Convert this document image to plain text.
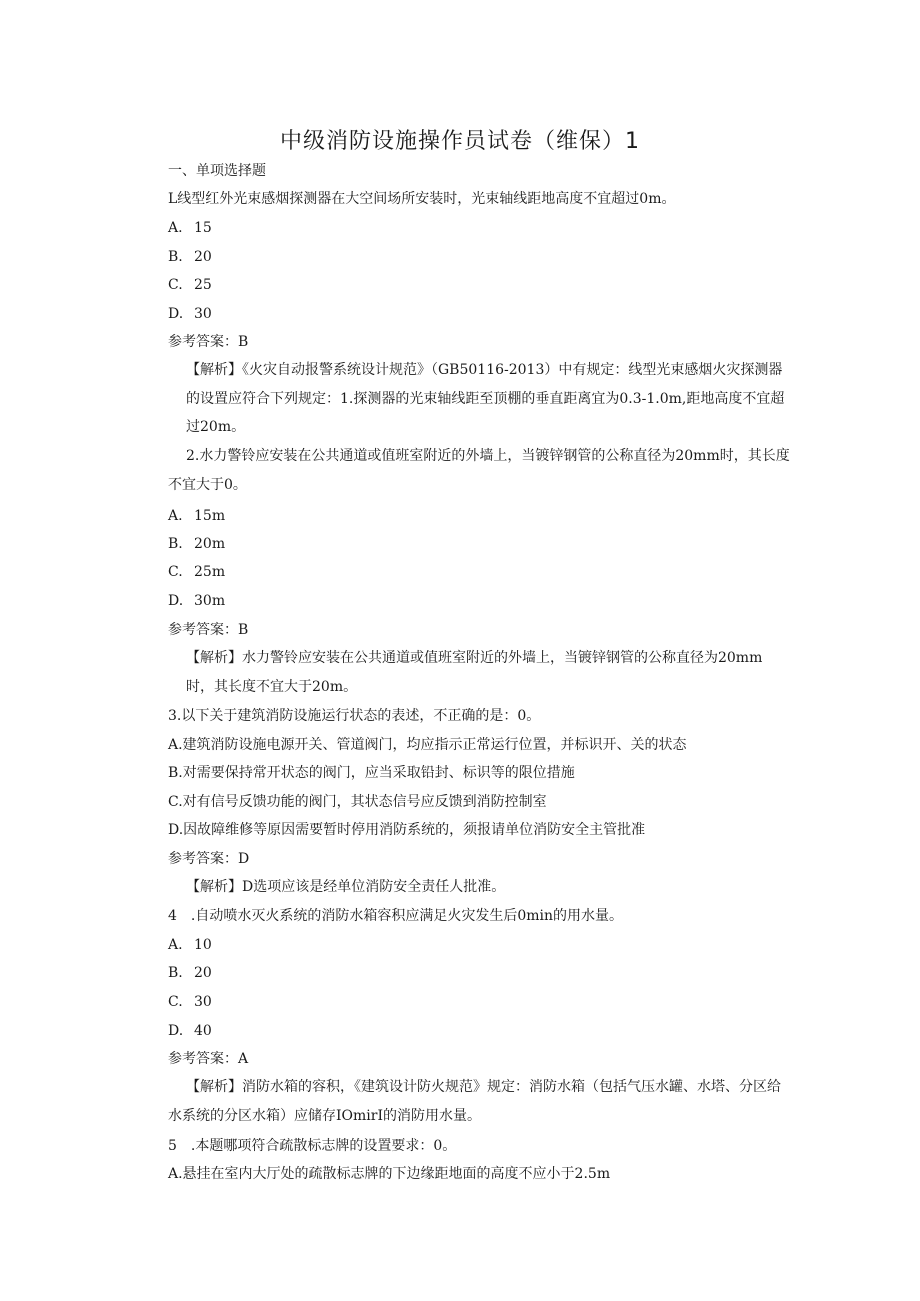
中级消防设施操作员试卷（维保）1
一、单项选择题
L线型红外光束感烟探测器在大空间场所安装时，光束轴线距地高度不宜超过0m。
A. 15
B. 20
C. 25
D. 30
参考答案：B
【解析】《火灾自动报警系统设计规范》（GB50116-2013）中有规定：线型光束感烟火灾探测器的设置应符合下列规定：1.探测器的光束轴线距至顶棚的垂直距离宜为0.3-1.0m,距地高度不宜超过20m。
2.水力警铃应安装在公共通道或值班室附近的外墙上，当镀锌钢管的公称直径为20mm时，其长度不宜大于0。
A. 15m
B. 20m
C. 25m
D. 30m
参考答案：B
【解析】水力警铃应安装在公共通道或值班室附近的外墙上，当镀锌钢管的公称直径为20mm时，其长度不宜大于20m。
3.以下关于建筑消防设施运行状态的表述，不正确的是：0。
A.建筑消防设施电源开关、管道阀门，均应指示正常运行位置，并标识开、关的状态
B.对需要保持常开状态的阀门，应当采取铅封、标识等的限位措施
C.对有信号反馈功能的阀门，其状态信号应反馈到消防控制室
D.因故障维修等原因需要暂时停用消防系统的，须报请单位消防安全主管批准
参考答案：D
【解析】D选项应该是经单位消防安全责任人批准。
4　.自动喷水灭火系统的消防水箱容积应满足火灾发生后0min的用水量。
A. 10
B. 20
C. 30
D. 40
参考答案：A
【解析】消防水箱的容积，《建筑设计防火规范》规定：消防水箱（包括气压水罐、水塔、分区给水系统的分区水箱）应储存IOmirI的消防用水量。
5　.本题哪项符合疏散标志牌的设置要求：0。
A.悬挂在室内大厅处的疏散标志牌的下边缘距地面的高度不应小于2.5m
